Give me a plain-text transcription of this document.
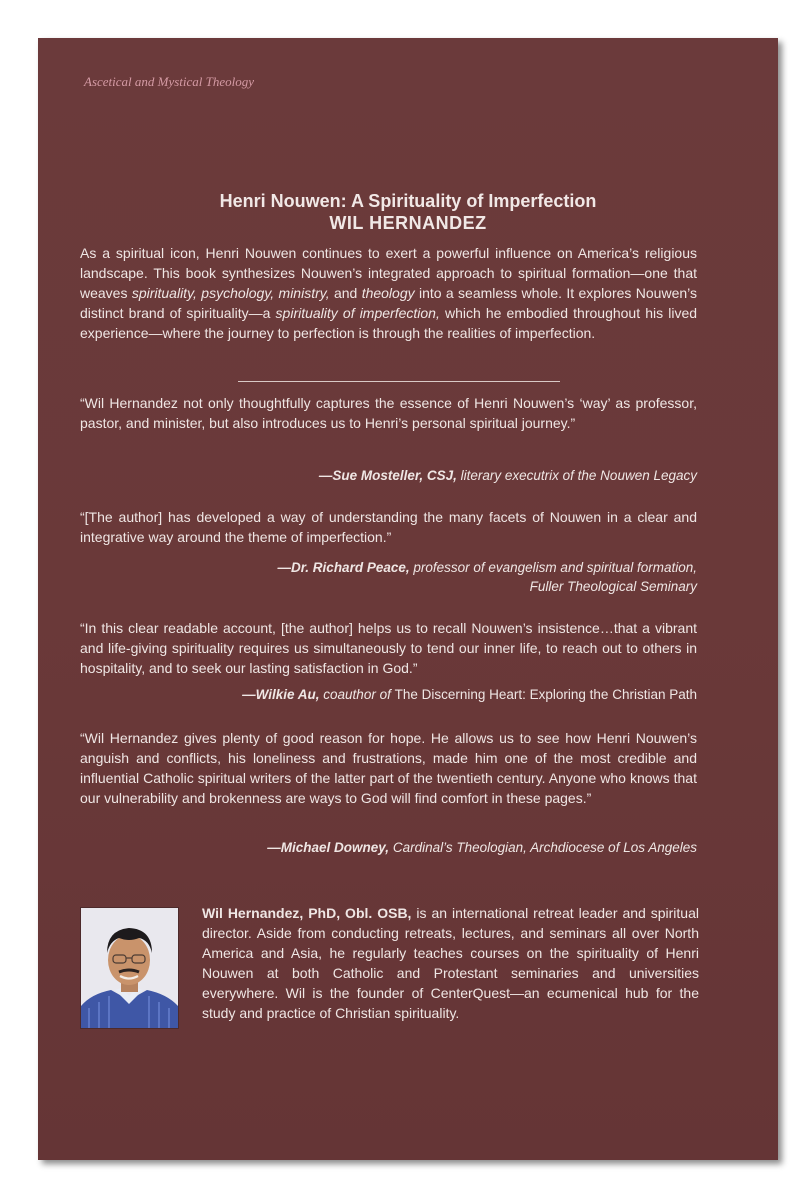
Ascetical and Mystical Theology
Henri Nouwen: A Spirituality of Imperfection
WIL HERNANDEZ

As a spiritual icon, Henri Nouwen continues to exert a powerful influence on America’s religious landscape. This book synthesizes Nouwen’s integrated approach to spiritual formation—one that weaves spirituality, psychology, ministry, and theology into a seamless whole. It explores Nouwen’s distinct brand of spirituality—a spirituality of imperfection, which he embodied throughout his lived experience—where the journey to perfection is through the realities of imperfection.

“Wil Hernandez not only thoughtfully captures the essence of Henri Nouwen’s ‘way’ as professor, pastor, and minister, but also introduces us to Henri’s personal spiritual journey.”

—Sue Mosteller, CSJ, literary executrix of the Nouwen Legacy

“[The author] has developed a way of understanding the many facets of Nouwen in a clear and integrative way around the theme of imperfection.”

—Dr. Richard Peace, professor of evangelism and spiritual formation,
Fuller Theological Seminary

“In this clear readable account, [the author] helps us to recall Nouwen’s insistence…that a vibrant and life-giving spirituality requires us simultaneously to tend our inner life, to reach out to others in hospitality, and to seek our lasting satisfaction in God.”

—Wilkie Au, coauthor of The Discerning Heart: Exploring the Christian Path

“Wil Hernandez gives plenty of good reason for hope. He allows us to see how Henri Nouwen’s anguish and conflicts, his loneliness and frustrations, made him one of the most credible and influential Catholic spiritual writers of the latter part of the twentieth century. Anyone who knows that our vulnerability and brokenness are ways to God will find comfort in these pages.”

—Michael Downey, Cardinal’s Theologian, Archdiocese of Los Angeles

Wil Hernandez, PhD, Obl. OSB, is an international retreat leader and spiritual director. Aside from conducting retreats, lectures, and seminars all over North America and Asia, he regularly teaches courses on the spirituality of Henri Nouwen at both Catholic and Protestant seminaries and universities everywhere. Wil is the founder of CenterQuest—an ecumenical hub for the study and practice of Christian spirituality.
